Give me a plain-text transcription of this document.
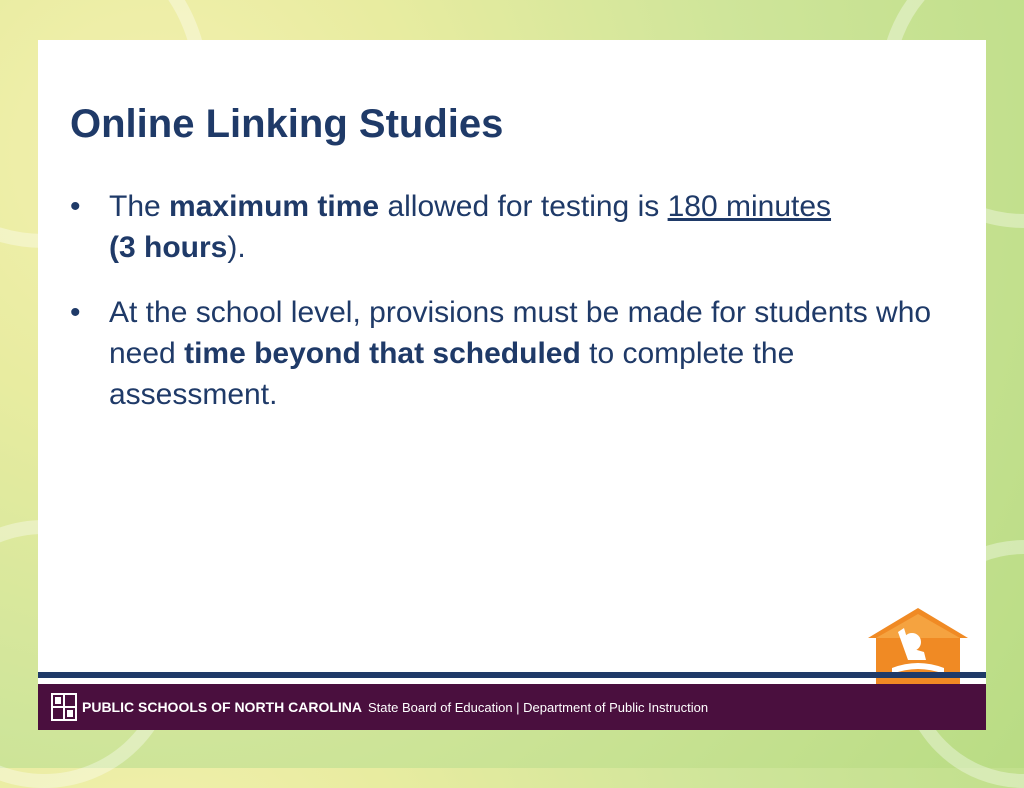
Online Linking Studies
• The maximum time allowed for testing is 180 minutes
(3 hours).
• At the school level, provisions must be made for students who need time beyond that scheduled to complete the assessment.
PUBLIC SCHOOLS OF NORTH CAROLINA State Board of Education | Department of Public Instruction
